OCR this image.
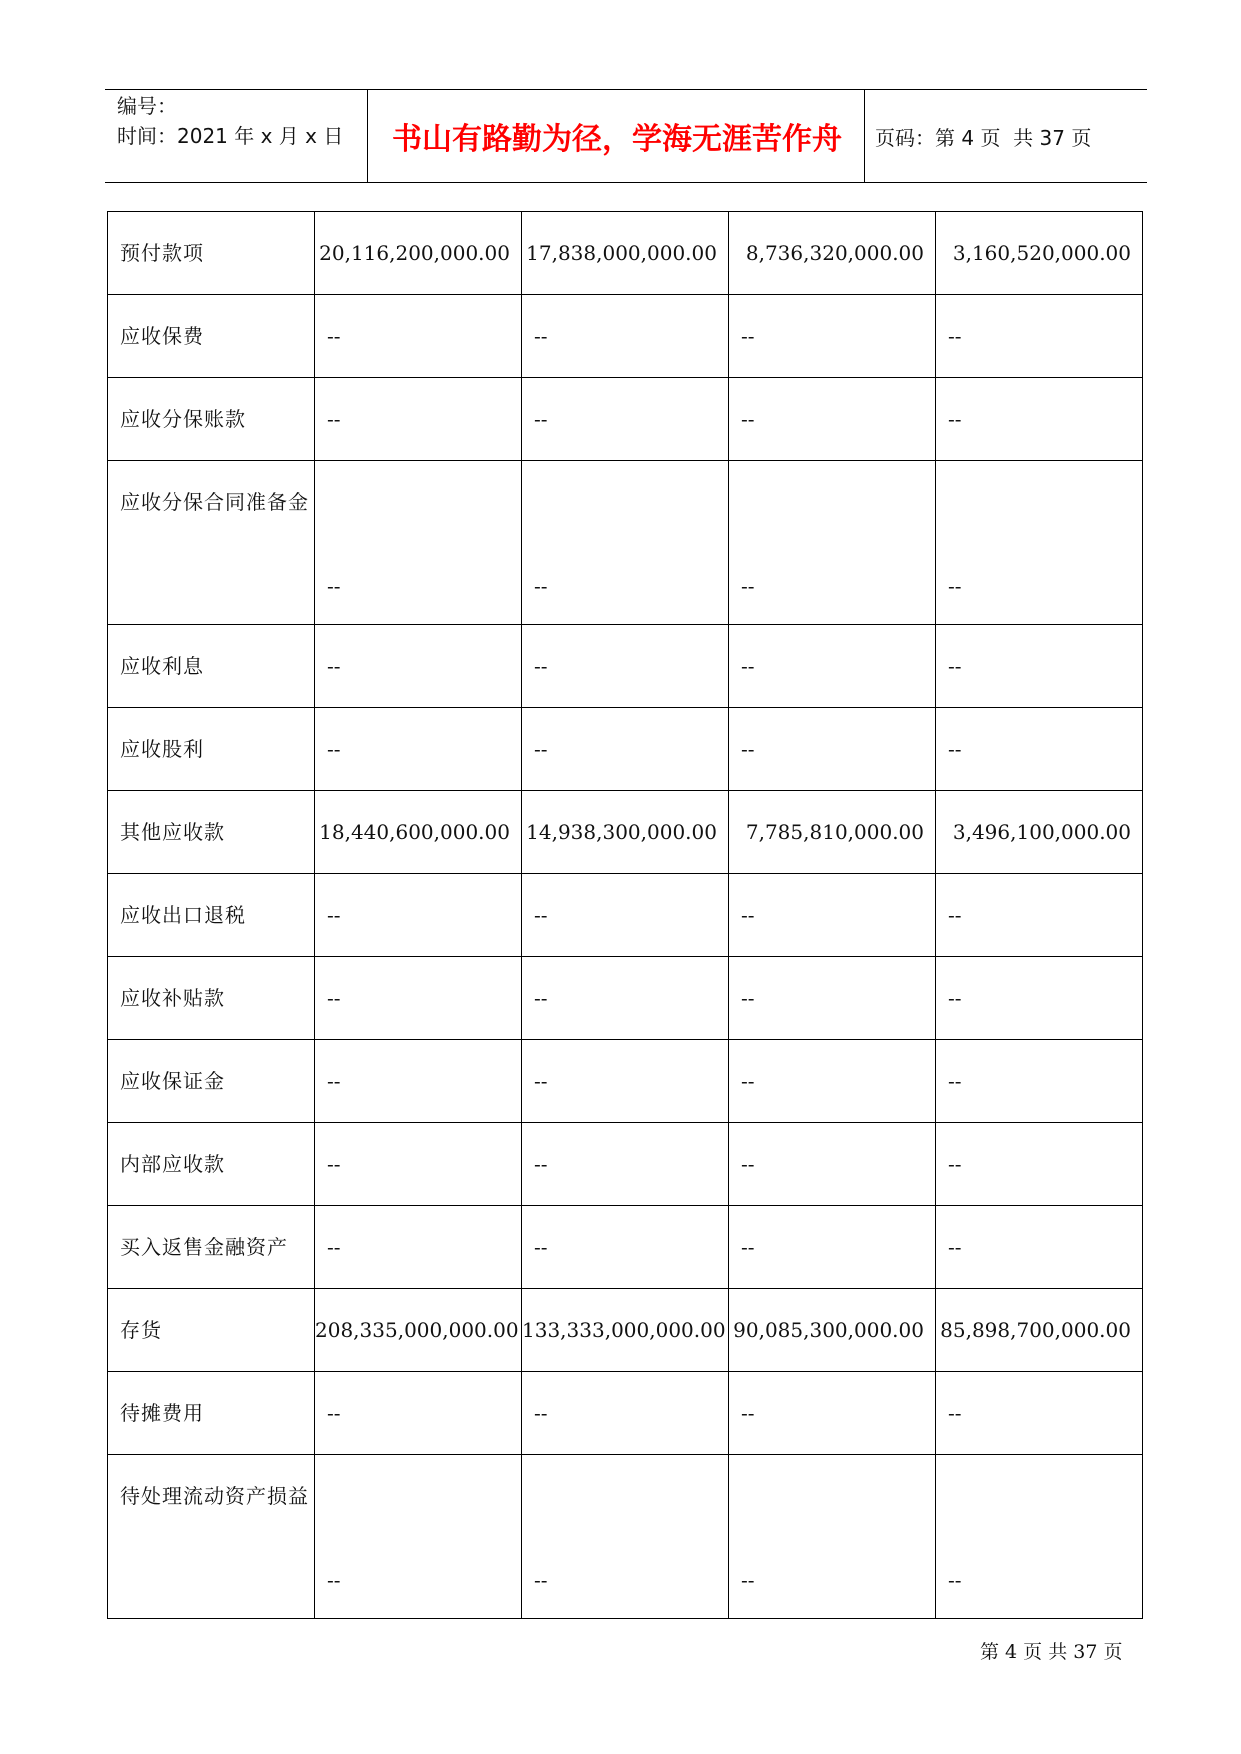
编号：
时间：2021 年 x 月 x 日	书山有路勤为径，学海无涯苦作舟	页码：第 4 页  共 37 页
预付款项	20,116,200,000.00	17,838,000,000.00	8,736,320,000.00	3,160,520,000.00
应收保费	--	--	--	--
应收分保账款	--	--	--	--
应收分保合同准备金	--	--	--	--
应收利息	--	--	--	--
应收股利	--	--	--	--
其他应收款	18,440,600,000.00	14,938,300,000.00	7,785,810,000.00	3,496,100,000.00
应收出口退税	--	--	--	--
应收补贴款	--	--	--	--
应收保证金	--	--	--	--
内部应收款	--	--	--	--
买入返售金融资产	--	--	--	--
存货	208,335,000,000.00	133,333,000,000.00	90,085,300,000.00	85,898,700,000.00
待摊费用	--	--	--	--
待处理流动资产损益	--	--	--	--
第 4 页 共 37 页
